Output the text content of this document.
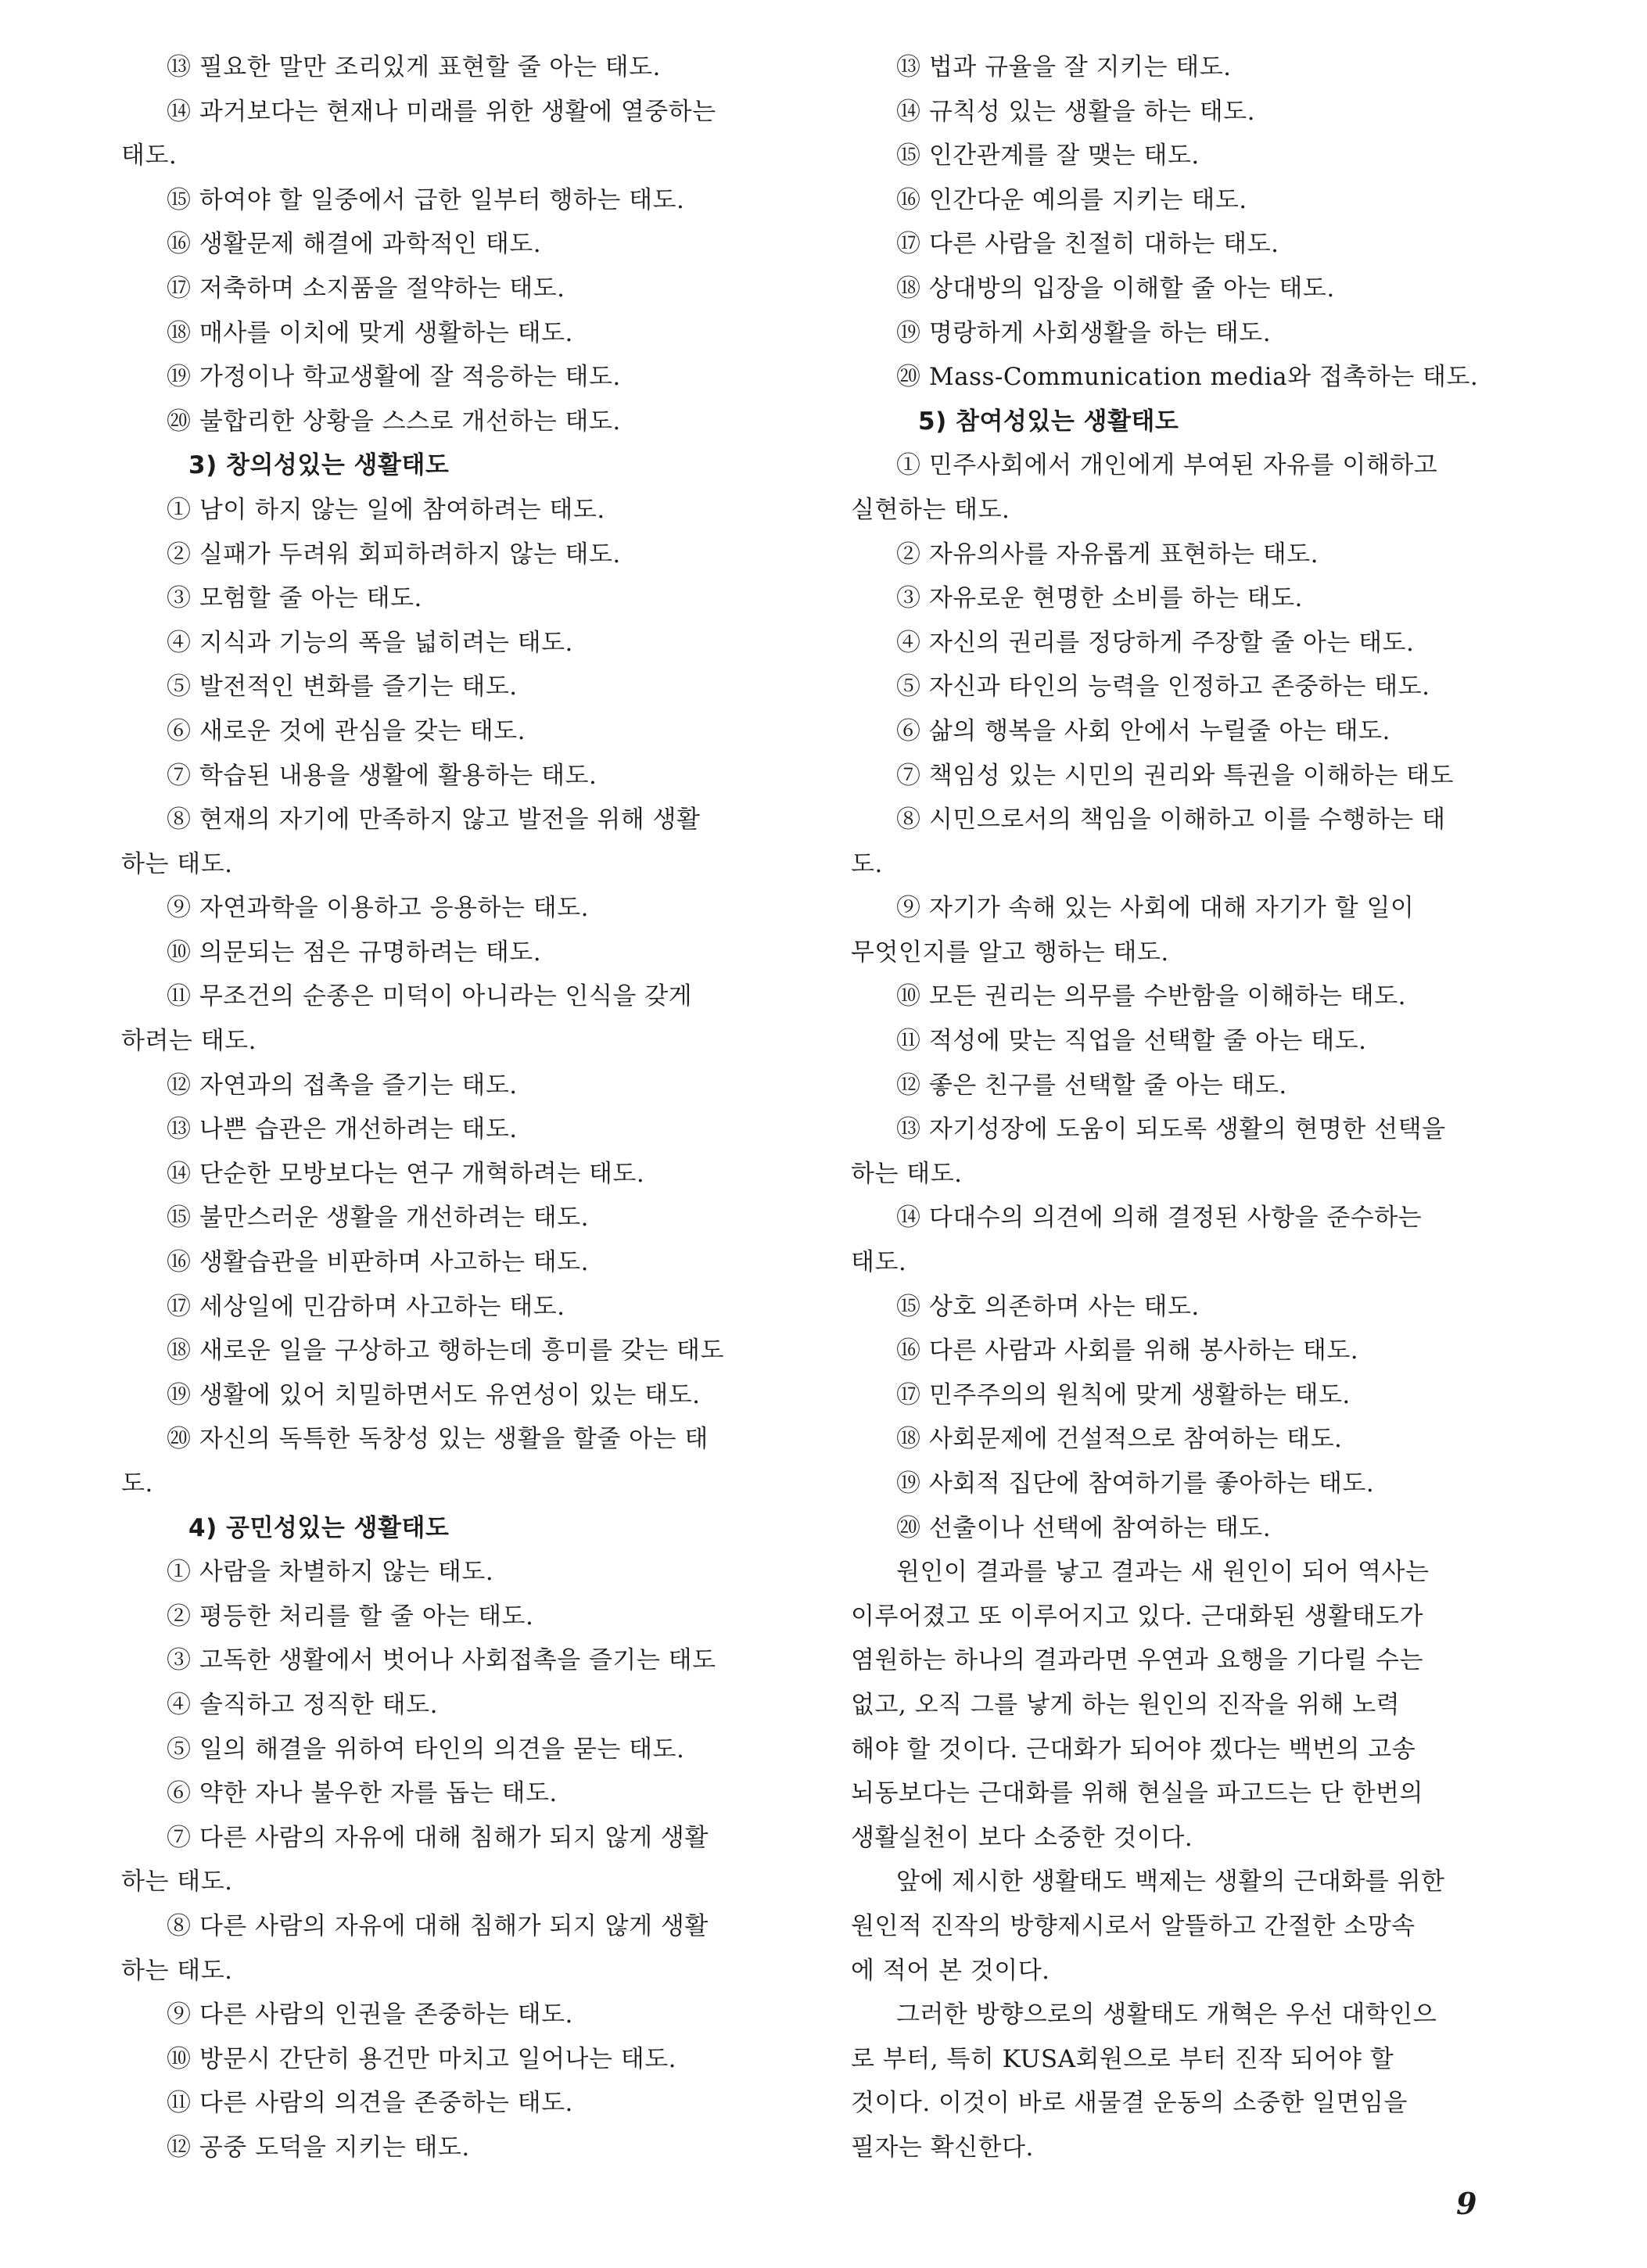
⑬ 필요한 말만 조리있게 표현할 줄 아는 태도.
⑭ 과거보다는 현재나 미래를 위한 생활에 열중하는
태도.
⑮ 하여야 할 일중에서 급한 일부터 행하는 태도.
⑯ 생활문제 해결에 과학적인 태도.
⑰ 저축하며 소지품을 절약하는 태도.
⑱ 매사를 이치에 맞게 생활하는 태도.
⑲ 가정이나 학교생활에 잘 적응하는 태도.
⑳ 불합리한 상황을 스스로 개선하는 태도.
3) 창의성있는 생활태도
① 남이 하지 않는 일에 참여하려는 태도.
② 실패가 두려워 회피하려하지 않는 태도.
③ 모험할 줄 아는 태도.
④ 지식과 기능의 폭을 넓히려는 태도.
⑤ 발전적인 변화를 즐기는 태도.
⑥ 새로운 것에 관심을 갖는 태도.
⑦ 학습된 내용을 생활에 활용하는 태도.
⑧ 현재의 자기에 만족하지 않고 발전을 위해 생활
하는 태도.
⑨ 자연과학을 이용하고 응용하는 태도.
⑩ 의문되는 점은 규명하려는 태도.
⑪ 무조건의 순종은 미덕이 아니라는 인식을 갖게
하려는 태도.
⑫ 자연과의 접촉을 즐기는 태도.
⑬ 나쁜 습관은 개선하려는 태도.
⑭ 단순한 모방보다는 연구 개혁하려는 태도.
⑮ 불만스러운 생활을 개선하려는 태도.
⑯ 생활습관을 비판하며 사고하는 태도.
⑰ 세상일에 민감하며 사고하는 태도.
⑱ 새로운 일을 구상하고 행하는데 흥미를 갖는 태도
⑲ 생활에 있어 치밀하면서도 유연성이 있는 태도.
⑳ 자신의 독특한 독창성 있는 생활을 할줄 아는 태
도.
4) 공민성있는 생활태도
① 사람을 차별하지 않는 태도.
② 평등한 처리를 할 줄 아는 태도.
③ 고독한 생활에서 벗어나 사회접촉을 즐기는 태도
④ 솔직하고 정직한 태도.
⑤ 일의 해결을 위하여 타인의 의견을 묻는 태도.
⑥ 약한 자나 불우한 자를 돕는 태도.
⑦ 다른 사람의 자유에 대해 침해가 되지 않게 생활
하는 태도.
⑧ 다른 사람의 자유에 대해 침해가 되지 않게 생활
하는 태도.
⑨ 다른 사람의 인권을 존중하는 태도.
⑩ 방문시 간단히 용건만 마치고 일어나는 태도.
⑪ 다른 사람의 의견을 존중하는 태도.
⑫ 공중 도덕을 지키는 태도.
⑬ 법과 규율을 잘 지키는 태도.
⑭ 규칙성 있는 생활을 하는 태도.
⑮ 인간관계를 잘 맺는 태도.
⑯ 인간다운 예의를 지키는 태도.
⑰ 다른 사람을 친절히 대하는 태도.
⑱ 상대방의 입장을 이해할 줄 아는 태도.
⑲ 명랑하게 사회생활을 하는 태도.
⑳ Mass-Communication media와 접촉하는 태도.
5) 참여성있는 생활태도
① 민주사회에서 개인에게 부여된 자유를 이해하고
실현하는 태도.
② 자유의사를 자유롭게 표현하는 태도.
③ 자유로운 현명한 소비를 하는 태도.
④ 자신의 권리를 정당하게 주장할 줄 아는 태도.
⑤ 자신과 타인의 능력을 인정하고 존중하는 태도.
⑥ 삶의 행복을 사회 안에서 누릴줄 아는 태도.
⑦ 책임성 있는 시민의 권리와 특권을 이해하는 태도
⑧ 시민으로서의 책임을 이해하고 이를 수행하는 태
도.
⑨ 자기가 속해 있는 사회에 대해 자기가 할 일이
무엇인지를 알고 행하는 태도.
⑩ 모든 권리는 의무를 수반함을 이해하는 태도.
⑪ 적성에 맞는 직업을 선택할 줄 아는 태도.
⑫ 좋은 친구를 선택할 줄 아는 태도.
⑬ 자기성장에 도움이 되도록 생활의 현명한 선택을
하는 태도.
⑭ 다대수의 의견에 의해 결정된 사항을 준수하는
태도.
⑮ 상호 의존하며 사는 태도.
⑯ 다른 사람과 사회를 위해 봉사하는 태도.
⑰ 민주주의의 원칙에 맞게 생활하는 태도.
⑱ 사회문제에 건설적으로 참여하는 태도.
⑲ 사회적 집단에 참여하기를 좋아하는 태도.
⑳ 선출이나 선택에 참여하는 태도.
원인이 결과를 낳고 결과는 새 원인이 되어 역사는
이루어졌고 또 이루어지고 있다. 근대화된 생활태도가
염원하는 하나의 결과라면 우연과 요행을 기다릴 수는
없고, 오직 그를 낳게 하는 원인의 진작을 위해 노력
해야 할 것이다. 근대화가 되어야 겠다는 백번의 고송
뇌동보다는 근대화를 위해 현실을 파고드는 단 한번의
생활실천이 보다 소중한 것이다.
앞에 제시한 생활태도 백제는 생활의 근대화를 위한
원인적 진작의 방향제시로서 알뜰하고 간절한 소망속
에 적어 본 것이다.
그러한 방향으로의 생활태도 개혁은 우선 대학인으
로 부터, 특히 KUSA회원으로 부터 진작 되어야 할
것이다. 이것이 바로 새물결 운동의 소중한 일면임을
필자는 확신한다.
9
